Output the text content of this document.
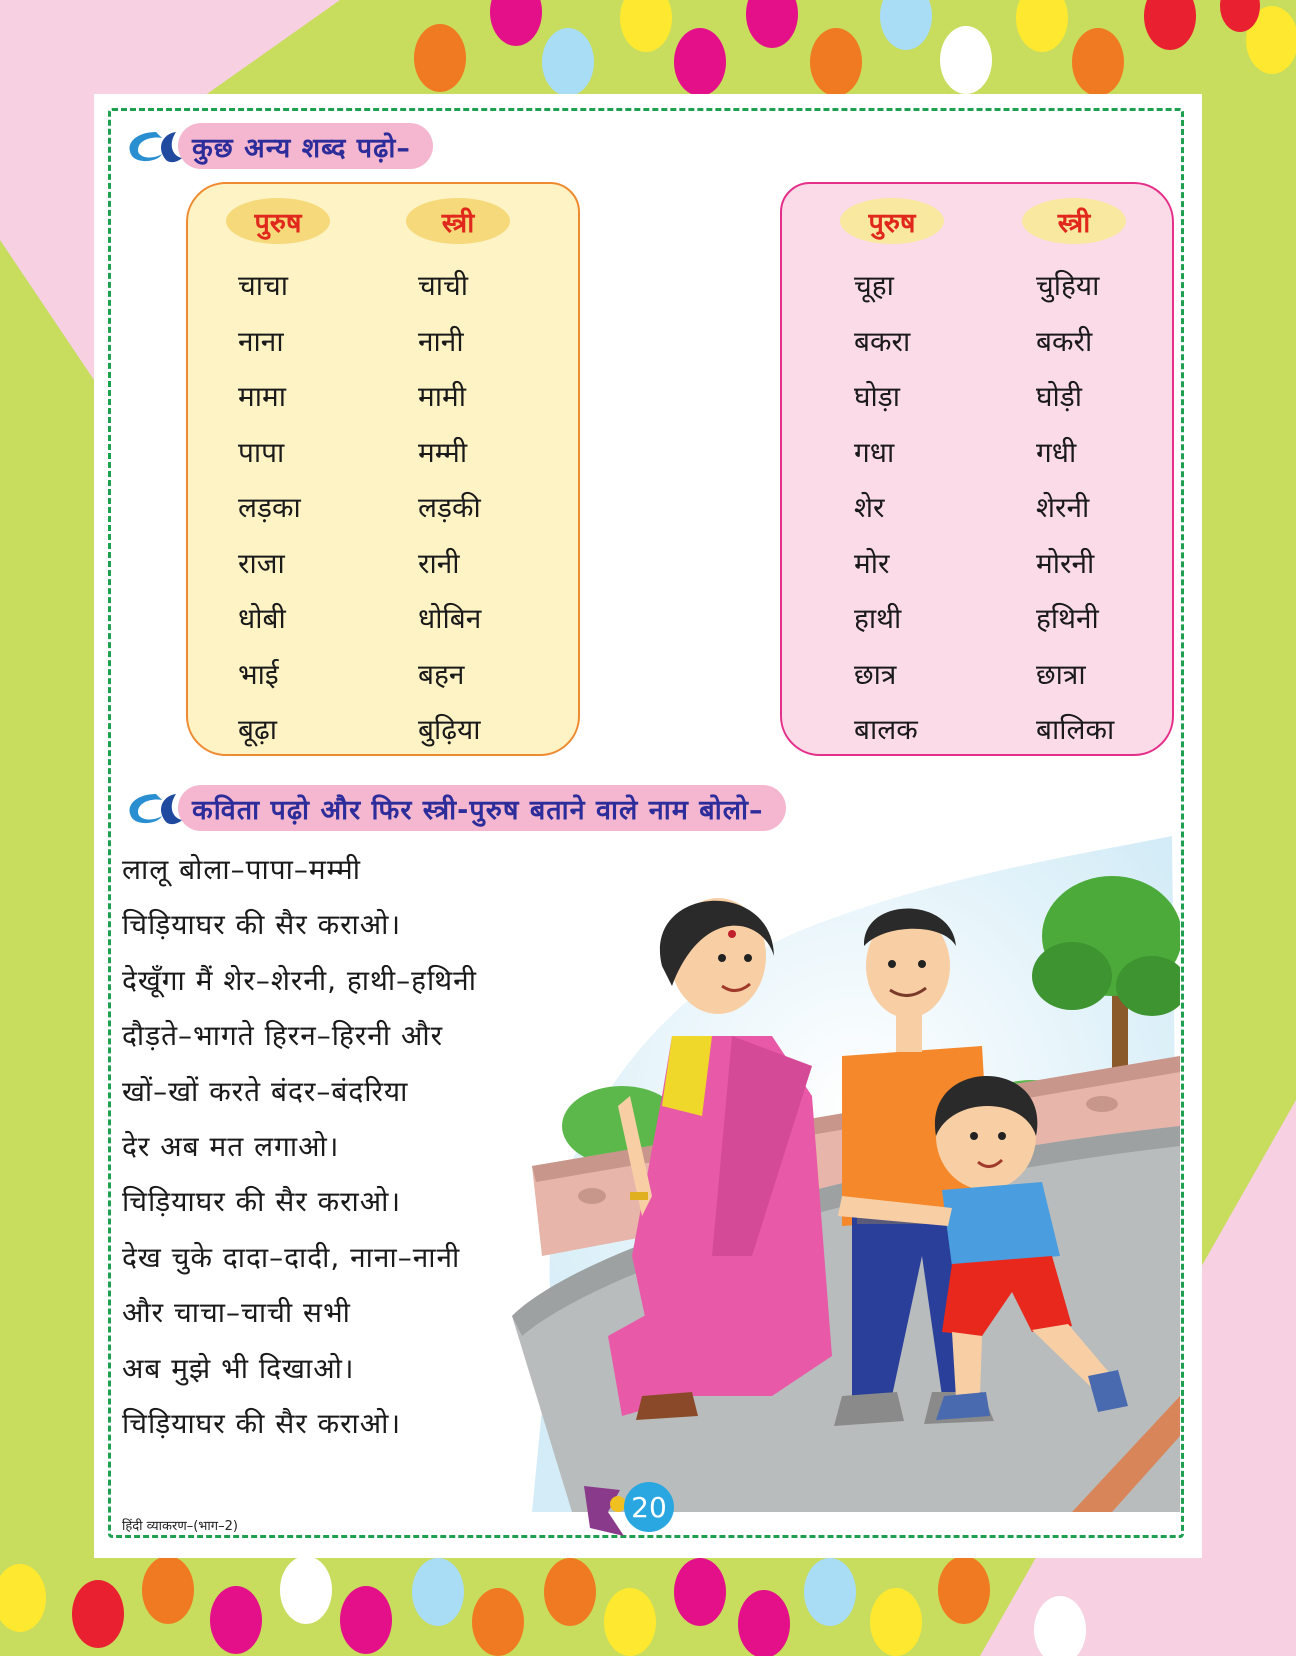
कुछ अन्य शब्द पढ़ो–
पुरुष	स्त्री
चाचा
नाना
मामा
पापा
लड़का
राजा
धोबी
भाई
बूढ़ा
चाची
नानी
मामी
मम्मी
लड़की
रानी
धोबिन
बहन
बुढ़िया
पुरुष	स्त्री
चूहा
बकरा
घोड़ा
गधा
शेर
मोर
हाथी
छात्र
बालक
चुहिया
बकरी
घोड़ी
गधी
शेरनी
मोरनी
हथिनी
छात्रा
बालिका
कविता पढ़ो और फिर स्त्री-पुरुष बताने वाले नाम बोलो–
लालू बोला–पापा–मम्मी
चिड़ियाघर की सैर कराओ।
देखूँगा मैं शेर–शेरनी, हाथी–हथिनी
दौड़ते–भागते हिरन–हिरनी और
खों–खों करते बंदर–बंदरिया
देर अब मत लगाओ।
चिड़ियाघर की सैर कराओ।
देख चुके दादा–दादी, नाना–नानी
और चाचा–चाची सभी
अब मुझे भी दिखाओ।
चिड़ियाघर की सैर कराओ।
हिंदी व्याकरण–(भाग–2)
20
